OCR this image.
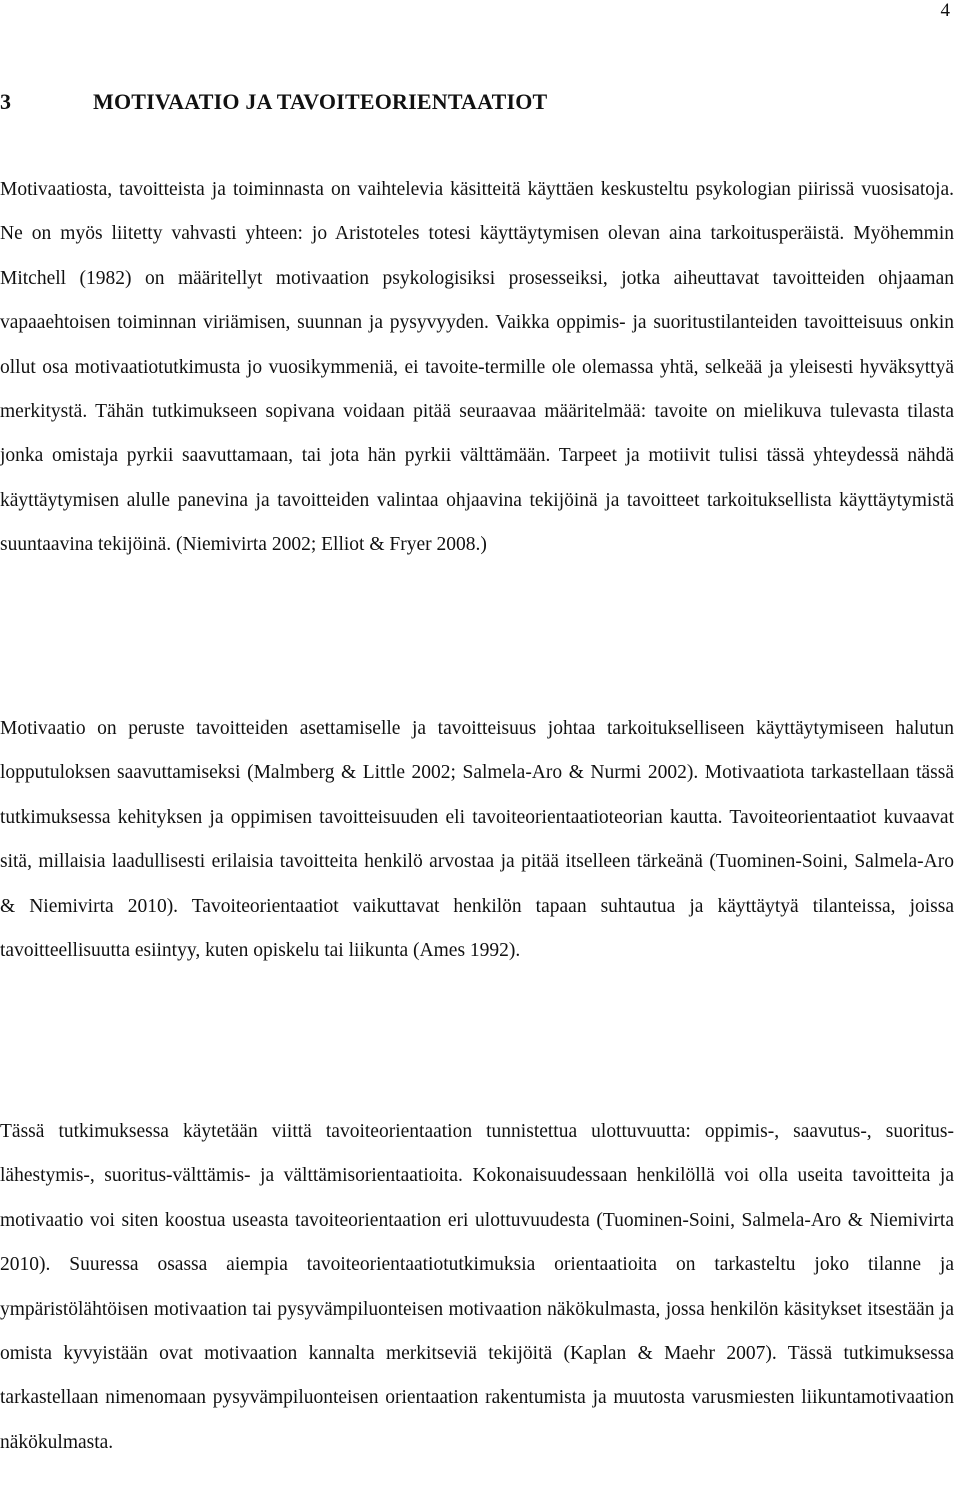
4
3	MOTIVAATIO JA TAVOITEORIENTAATIOT

Motivaatiosta, tavoitteista ja toiminnasta on vaihtelevia käsitteitä käyttäen keskusteltu psykologian piirissä vuosisatoja. Ne on myös liitetty vahvasti yhteen: jo Aristoteles totesi käyttäytymisen olevan aina tarkoitusperäistä. Myöhemmin Mitchell (1982) on määritellyt motivaation psykologisiksi prosesseiksi, jotka aiheuttavat tavoitteiden ohjaaman vapaaehtoisen toiminnan viriämisen, suunnan ja pysyvyyden. Vaikka oppimis- ja suoritustilanteiden tavoitteisuus onkin ollut osa motivaatiotutkimusta jo vuosikymmeniä, ei tavoite-termille ole olemassa yhtä, selkeää ja yleisesti hyväksyttyä merkitystä. Tähän tutkimukseen sopivana voidaan pitää seuraavaa määritelmää: tavoite on mielikuva tulevasta tilasta jonka omistaja pyrkii saavuttamaan, tai jota hän pyrkii välttämään. Tarpeet ja motiivit tulisi tässä yhteydessä nähdä käyttäytymisen alulle panevina ja tavoitteiden valintaa ohjaavina tekijöinä ja tavoitteet tarkoituksellista käyttäytymistä suuntaavina tekijöinä. (Niemivirta 2002; Elliot & Fryer 2008.)

Motivaatio on peruste tavoitteiden asettamiselle ja tavoitteisuus johtaa tarkoitukselliseen käyttäytymiseen halutun lopputuloksen saavuttamiseksi (Malmberg & Little 2002; Salmela-Aro & Nurmi 2002). Motivaatiota tarkastellaan tässä tutkimuksessa kehityksen ja oppimisen tavoitteisuuden eli tavoiteorientaatioteorian kautta. Tavoiteorientaatiot kuvaavat sitä, millaisia laadullisesti erilaisia tavoitteita henkilö arvostaa ja pitää itselleen tärkeänä (Tuominen-Soini, Salmela-Aro & Niemivirta 2010). Tavoiteorientaatiot vaikuttavat henkilön tapaan suhtautua ja käyttäytyä tilanteissa, joissa tavoitteellisuutta esiintyy, kuten opiskelu tai liikunta (Ames 1992).

Tässä tutkimuksessa käytetään viittä tavoiteorientaation tunnistettua ulottuvuutta: oppimis-, saavutus-, suoritus-lähestymis-, suoritus-välttämis- ja välttämisorientaatioita. Kokonaisuudessaan henkilöllä voi olla useita tavoitteita ja motivaatio voi siten koostua useasta tavoiteorientaation eri ulottuvuudesta (Tuominen-Soini, Salmela-Aro & Niemivirta 2010). Suuressa osassa aiempia tavoiteorientaatiotutkimuksia orientaatioita on tarkasteltu joko tilanne ja ympäristölähtöisen motivaation tai pysyvämpiluonteisen motivaation näkökulmasta, jossa henkilön käsitykset itsestään ja omista kyvyistään ovat motivaation kannalta merkitseviä tekijöitä (Kaplan & Maehr 2007). Tässä tutkimuksessa tarkastellaan nimenomaan pysyvämpiluonteisen orientaation rakentumista ja muutosta varusmiesten liikuntamotivaation näkökulmasta.
